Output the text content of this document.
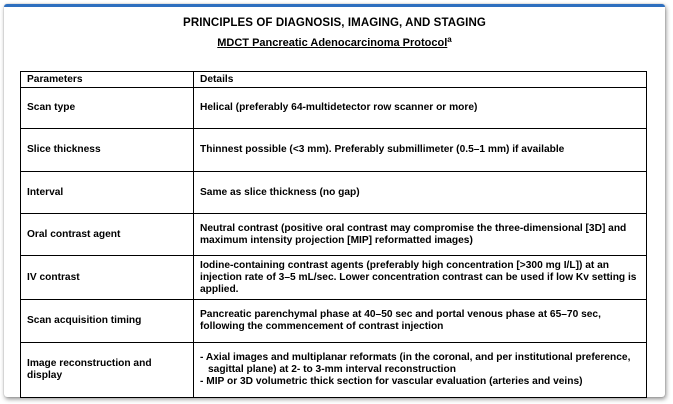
PRINCIPLES OF DIAGNOSIS, IMAGING, AND STAGING
MDCT Pancreatic Adenocarcinoma Protocol$^a$
Parameters	Details
Scan type	Helical (preferably 64-multidetector row scanner or more)
Slice thickness	Thinnest possible (<3 mm). Preferably submillimeter (0.5–1 mm) if available
Interval	Same as slice thickness (no gap)
Oral contrast agent	Neutral contrast (positive oral contrast may compromise the three-dimensional [3D] and maximum intensity projection [MIP] reformatted images)
IV contrast	Iodine-containing contrast agents (preferably high concentration [>300 mg I/L]) at an injection rate of 3–5 mL/sec. Lower concentration contrast can be used if low Kv setting is applied.
Scan acquisition timing	Pancreatic parenchymal phase at 40–50 sec and portal venous phase at 65–70 sec, following the commencement of contrast injection
Image reconstruction and display	- Axial images and multiplanar reformats (in the coronal, and per institutional preference, sagittal plane) at 2- to 3-mm interval reconstruction
- MIP or 3D volumetric thick section for vascular evaluation (arteries and veins)
